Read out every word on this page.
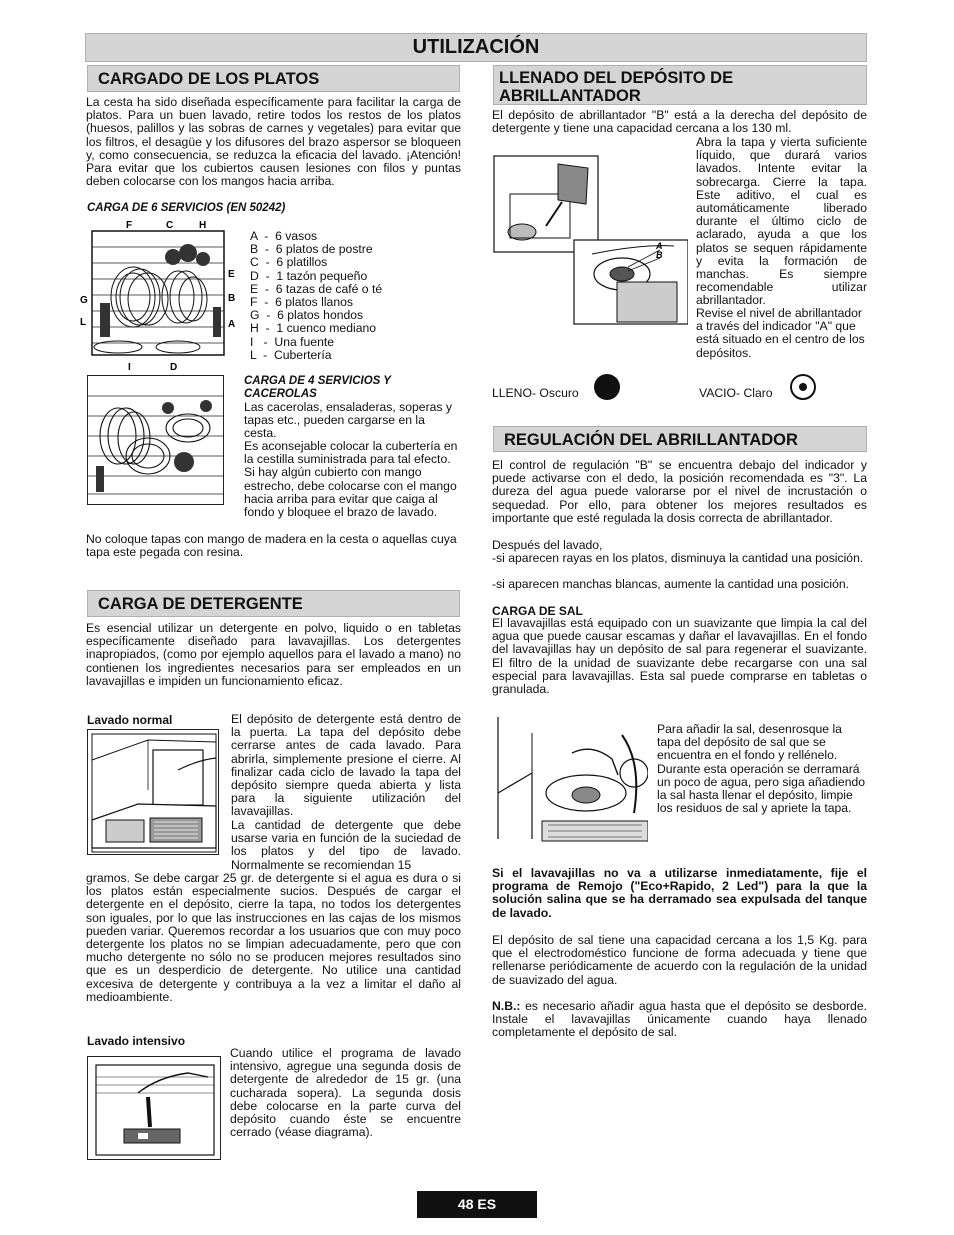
UTILIZACIÓN
CARGADO DE LOS PLATOS
La cesta ha sido diseñada específicamente para facilitar la carga de platos. Para un buen lavado, retire todos los restos de los platos (huesos, palillos y las sobras de carnes y vegetales) para evitar que los filtros, el desagüe y los difusores del brazo aspersor se bloqueen y, como consecuencia, se reduzca la eficacia del lavado. ¡Atención! Para evitar que los cubiertos causen lesiones con filos y puntas deben colocarse con los mangos hacia arriba.
CARGA DE 6 SERVICIOS (EN 50242)
F	C	H
E
B
A
G
L
I	D
A  -  6 vasos
B  -  6 platos de postre
C  -  6 platillos
D  -  1 tazón pequeño
E  -  6 tazas de café o té
F  -  6 platos llanos
G  -  6 platos hondos
H  -  1 cuenco mediano
I   -  Una fuente
L  -  Cubertería
CARGA DE 4 SERVICIOS Y CACEROLAS
Las cacerolas, ensaladeras, soperas y tapas etc., pueden cargarse en la cesta.
Es aconsejable colocar la cubertería en la cestilla suministrada para tal efecto. Si hay algún cubierto con mango estrecho, debe colocarse con el mango hacia arriba para evitar que caiga al fondo y bloquee el brazo de lavado.
No coloque tapas con mango de madera en la cesta o aquellas cuya tapa este pegada con resina.
CARGA DE DETERGENTE
Es esencial utilizar un detergente en polvo, liquido o en tabletas específicamente diseñado para lavavajillas. Los detergentes inapropiados, (como por ejemplo aquellos para el lavado a mano) no contienen los ingredientes necesarios para ser empleados en un lavavajillas e impiden un funcionamiento eficaz.
Lavado normal	El depósito de detergente está dentro de la puerta. La tapa del depósito debe cerrarse antes de cada lavado. Para abrirla, simplemente presione el cierre. Al finalizar cada ciclo de lavado la tapa del depósito siempre queda abierta y lista para la siguiente utilización del lavavajillas.
La cantidad de detergente que debe usarse varia en función de la suciedad de los platos y del tipo de lavado. Normalmente se recomiendan 15
gramos. Se debe cargar 25 gr. de detergente si el agua es dura o si los platos están especialmente sucios. Después de cargar el detergente en el depósito, cierre la tapa, no todos los detergentes son iguales, por lo que las instrucciones en las cajas de los mismos pueden variar. Queremos recordar a los usuarios que con muy poco detergente los platos no se limpian adecuadamente, pero que con mucho detergente no sólo no se producen mejores resultados sino que es un desperdicio de detergente. No utilice una cantidad excesiva de detergente y contribuya a la vez a limitar el daño al medioambiente.
Lavado intensivo
Cuando utilice el programa de lavado intensivo, agregue una segunda dosis de detergente de alrededor de 15 gr. (una cucharada sopera). La segunda dosis debe colocarse en la parte curva del depósito cuando éste se encuentre cerrado (véase diagrama).
LLENADO DEL DEPÓSITO DE ABRILLANTADOR
El depósito de abrillantador "B" está a la derecha del depósito de detergente y tiene una capacidad cercana a los 130 ml.
A
B
Abra la tapa y vierta suficiente líquido, que durará varios lavados. Intente evitar la sobrecarga. Cierre la tapa. Este aditivo, el cual es automáticamente liberado durante el último ciclo de aclarado, ayuda a que los platos se sequen rápidamente y evita la formación de manchas. Es siempre recomendable utilizar abrillantador.
Revise el nivel de abrillantador a través del indicador "A" que está situado en el centro de los depósitos.
LLENO- Oscuro	VACIO- Claro
REGULACIÓN DEL ABRILLANTADOR
El control de regulación "B" se encuentra debajo del indicador y puede activarse con el dedo, la posición recomendada es "3". La dureza del agua puede valorarse por el nivel de incrustación o sequedad. Por ello, para obtener los mejores resultados es importante que esté regulada la dosis correcta de abrillantador.
Después del lavado,
-si aparecen rayas en los platos, disminuya la cantidad una posición.
-si aparecen manchas blancas, aumente la cantidad una posición.
CARGA DE SAL
El lavavajillas está equipado con un suavizante que limpia la cal del agua que puede causar escamas y dañar el lavavajillas. En el fondo del lavavajillas hay un depósito de sal para regenerar el suavizante. El filtro de la unidad de suavizante debe recargarse con una sal especial para lavavajillas. Esta sal puede comprarse en tabletas o granulada.
Para añadir la sal, desenrosque la tapa del depósito de sal que se encuentra en el fondo y rellénelo. Durante esta operación se derramará un poco de agua, pero siga añadiendo la sal hasta llenar el depósito, limpie los residuos de sal y apriete la tapa.
Si el lavavajillas no va a utilizarse inmediatamente, fije el programa de Remojo ("Eco+Rapido, 2 Led") para la que la solución salina que se ha derramado sea expulsada del tanque de lavado.
El depósito de sal tiene una capacidad cercana a los 1,5 Kg. para que el electrodoméstico funcione de forma adecuada y tiene que rellenarse periódicamente de acuerdo con la regulación de la unidad de suavizado del agua.
N.B.: es necesario añadir agua hasta que el depósito se desborde. Instale el lavavajillas únicamente cuando haya llenado completamente el depósito de sal.
48 ES
